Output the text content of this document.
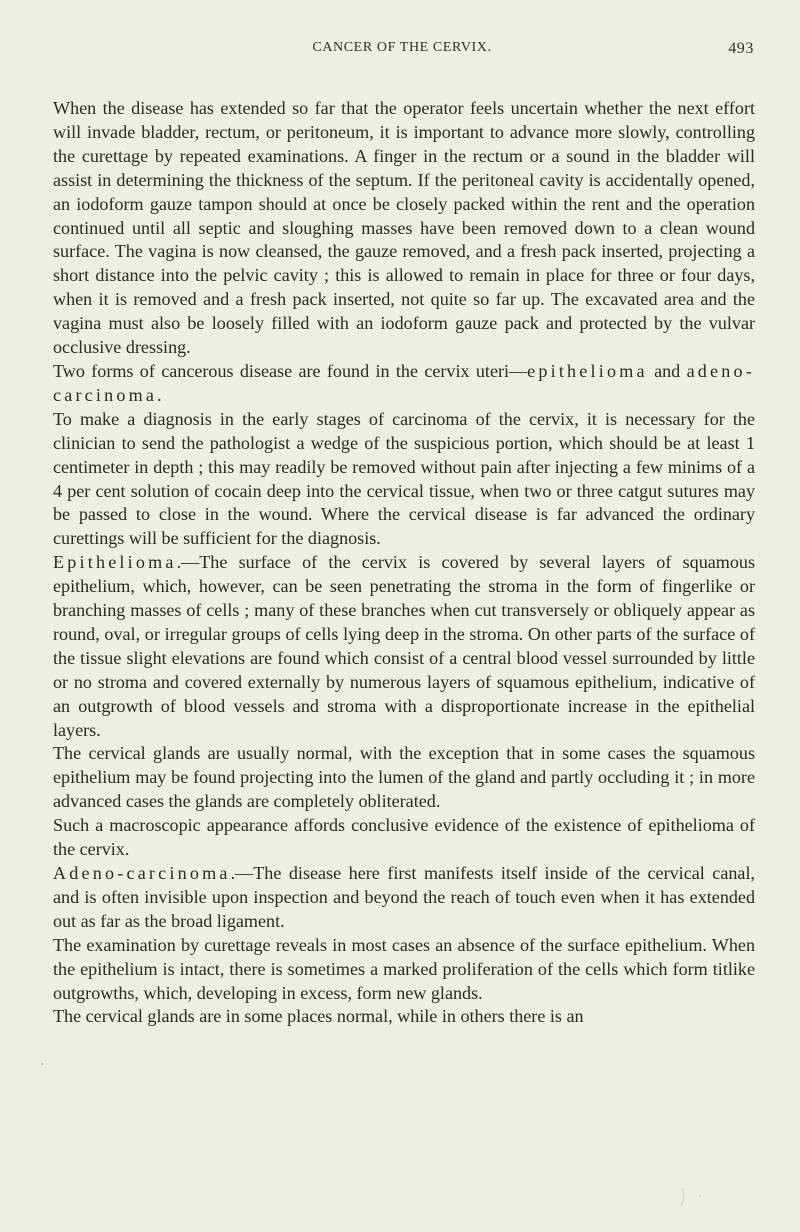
CANCER OF THE CERVIX.	493

When the disease has extended so far that the operator feels uncertain whether the next effort will invade bladder, rectum, or peritoneum, it is important to advance more slowly, controlling the curettage by repeated examinations. A finger in the rectum or a sound in the bladder will assist in determining the thickness of the septum. If the peritoneal cavity is accidentally opened, an iodoform gauze tampon should at once be closely packed within the rent and the operation continued until all septic and sloughing masses have been removed down to a clean wound surface. The vagina is now cleansed, the gauze removed, and a fresh pack inserted, projecting a short distance into the pelvic cavity ; this is allowed to remain in place for three or four days, when it is removed and a fresh pack inserted, not quite so far up. The excavated area and the vagina must also be loosely filled with an iodoform gauze pack and protected by the vulvar occlusive dressing.

Two forms of cancerous disease are found in the cervix uteri—epithelioma and adeno-carcinoma.

To make a diagnosis in the early stages of carcinoma of the cervix, it is necessary for the clinician to send the pathologist a wedge of the suspicious portion, which should be at least 1 centimeter in depth ; this may readily be removed without pain after injecting a few minims of a 4 per cent solution of cocain deep into the cervical tissue, when two or three catgut sutures may be passed to close in the wound. Where the cervical disease is far advanced the ordinary curettings will be sufficient for the diagnosis.

Epithelioma.—The surface of the cervix is covered by several layers of squamous epithelium, which, however, can be seen penetrating the stroma in the form of fingerlike or branching masses of cells ; many of these branches when cut transversely or obliquely appear as round, oval, or irregular groups of cells lying deep in the stroma. On other parts of the surface of the tissue slight elevations are found which consist of a central blood vessel surrounded by little or no stroma and covered externally by numerous layers of squamous epithelium, indicative of an outgrowth of blood vessels and stroma with a disproportionate increase in the epithelial layers.

The cervical glands are usually normal, with the exception that in some cases the squamous epithelium may be found projecting into the lumen of the gland and partly occluding it ; in more advanced cases the glands are completely obliterated.

Such a macroscopic appearance affords conclusive evidence of the existence of epithelioma of the cervix.

Adeno-carcinoma.—The disease here first manifests itself inside of the cervical canal, and is often invisible upon inspection and beyond the reach of touch even when it has extended out as far as the broad ligament.

The examination by curettage reveals in most cases an absence of the surface epithelium. When the epithelium is intact, there is sometimes a marked proliferation of the cells which form titlike outgrowths, which, developing in excess, form new glands.

The cervical glands are in some places normal, while in others there is an
